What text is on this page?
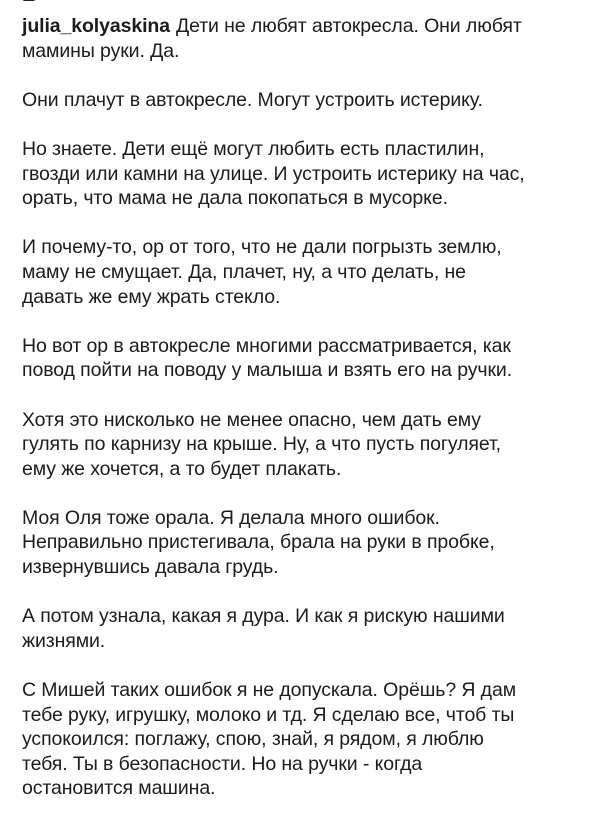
julia_kolyaskina Дети не любят автокресла. Они любят
мамины руки. Да.

Они плачут в автокресле. Могут устроить истерику.

Но знаете. Дети ещё могут любить есть пластилин,
гвозди или камни на улице. И устроить истерику на час,
орать, что мама не дала покопаться в мусорке.

И почему-то, ор от того, что не дали погрызть землю,
маму не смущает. Да, плачет, ну, а что делать, не
давать же ему жрать стекло.

Но вот ор в автокресле многими рассматривается, как
повод пойти на поводу у малыша и взять его на ручки.

Хотя это нисколько не менее опасно, чем дать ему
гулять по карнизу на крыше. Ну, а что пусть погуляет,
ему же хочется, а то будет плакать.

Моя Оля тоже орала. Я делала много ошибок.
Неправильно пристегивала, брала на руки в пробке,
извернувшись давала грудь.

А потом узнала, какая я дура. И как я рискую нашими
жизнями.

С Мишей таких ошибок я не допускала. Орёшь? Я дам
тебе руку, игрушку, молоко и тд. Я сделаю все, чтоб ты
успокоился: поглажу, спою, знай, я рядом, я люблю
тебя. Ты в безопасности. Но на ручки - когда
остановится машина.
